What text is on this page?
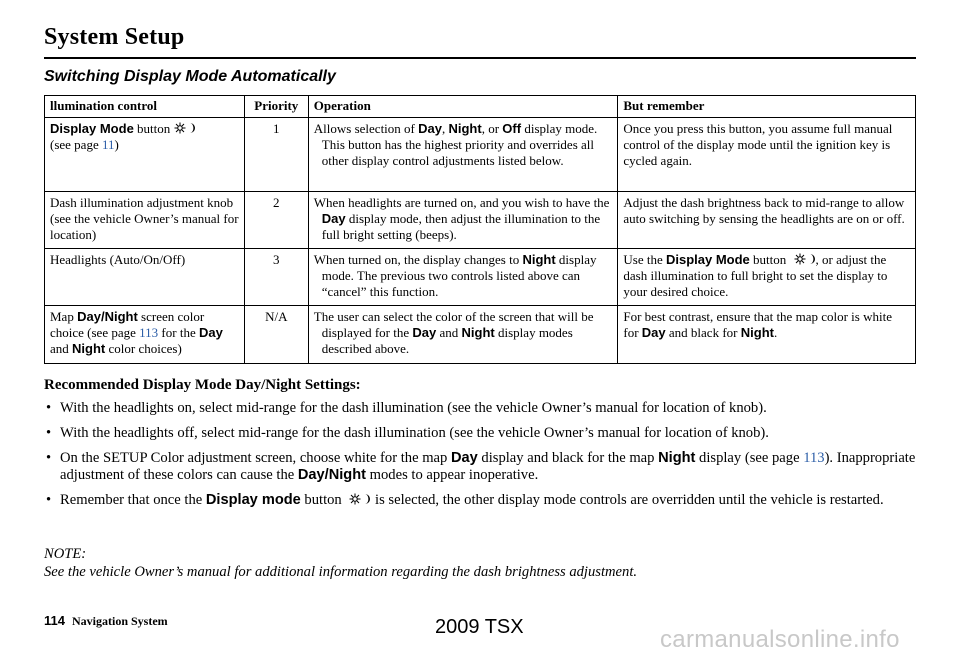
System Setup
Switching Display Mode Automatically
llumination control	Priority	Operation	But remember
Display Mode button
(see page 11)	1	Allows selection of Day, Night, or Off display mode. This button has the highest priority and overrides all other display control adjustments listed below.	Once you press this button, you assume full manual control of the display mode until the ignition key is cycled again.
Dash illumination adjustment knob (see the vehicle Owner’s manual for location)	2	When headlights are turned on, and you wish to have the Day display mode, then adjust the illumination to the full bright setting (beeps).	Adjust the dash brightness back to mid-range to allow auto switching by sensing the headlights are on or off.
Headlights (Auto/On/Off)	3	When turned on, the display changes to Night display mode. The previous two controls listed above can “cancel” this function.	Use the Display Mode button , or adjust the dash illumination to full bright to set the display to your desired choice.
Map Day/Night screen color choice (see page 113 for the Day and Night color choices)	N/A	The user can select the color of the screen that will be displayed for the Day and Night display modes described above.	For best contrast, ensure that the map color is white for Day and black for Night.
Recommended Display Mode Day/Night Settings:
• With the headlights on, select mid-range for the dash illumination (see the vehicle Owner’s manual for location of knob).
• With the headlights off, select mid-range for the dash illumination (see the vehicle Owner’s manual for location of knob).
• On the SETUP Color adjustment screen, choose white for the map Day display and black for the map Night display (see page 113). Inappropriate adjustment of these colors can cause the Day/Night modes to appear inoperative.
• Remember that once the Display mode button  is selected, the other display mode controls are overridden until the vehicle is restarted.
NOTE:
See the vehicle Owner’s manual for additional information regarding the dash brightness adjustment.
114 Navigation System	2009 TSX	carmanualsonline.info
